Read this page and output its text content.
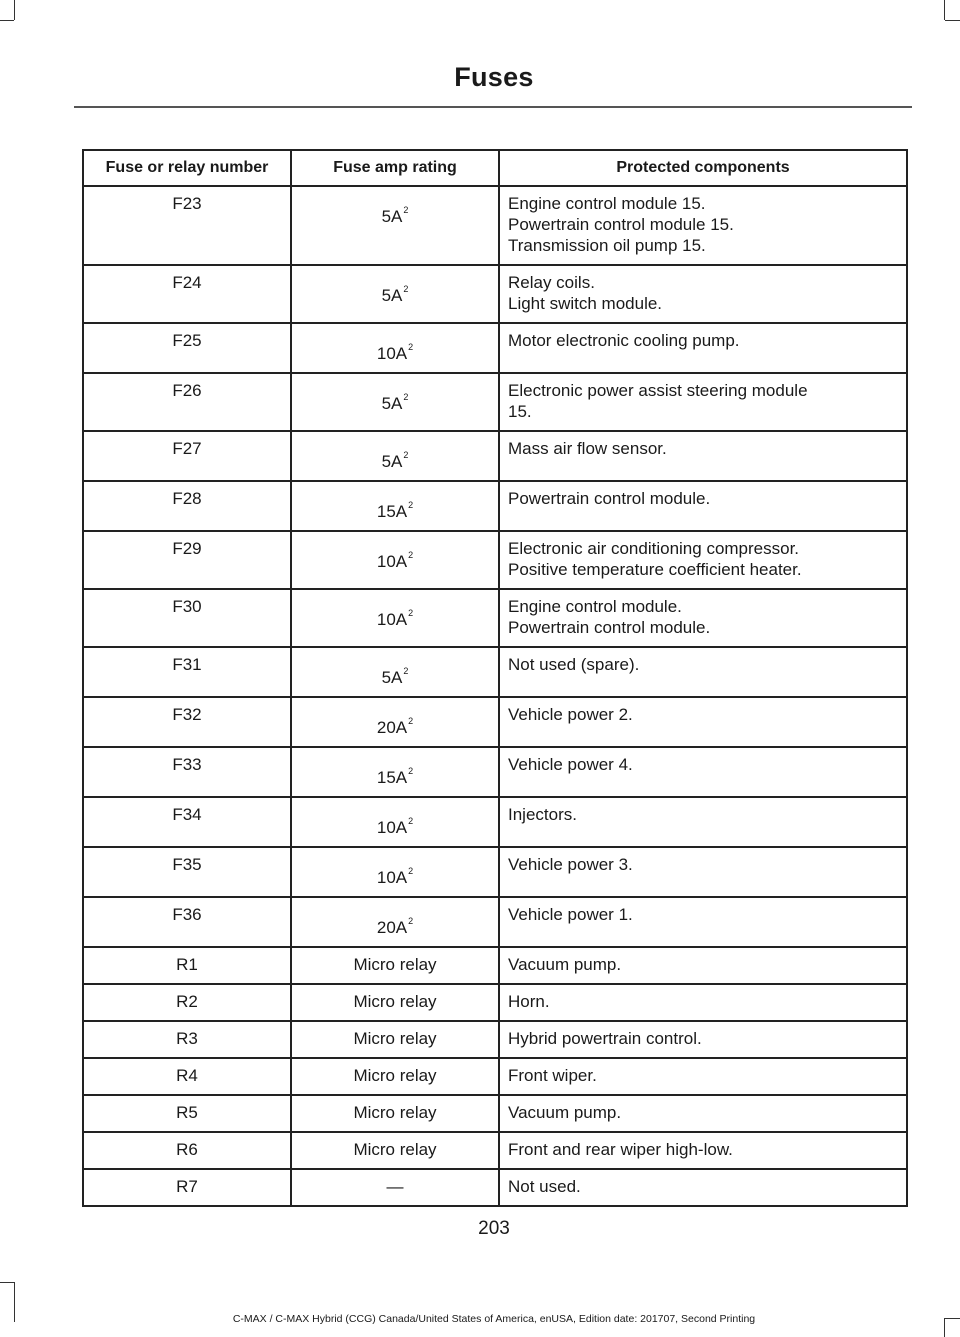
Fuses
Fuse or relay number	Fuse amp rating	Protected components
F23	$5A^2$	Engine control module 15.
Powertrain control module 15.
Transmission oil pump 15.

F24	$5A^2$	Relay coils.
Light switch module.

F25	$10A^2$	Motor electronic cooling pump.

F26	$5A^2$	Electronic power assist steering module
15.

F27	$5A^2$	Mass air flow sensor.

F28	$15A^2$	Powertrain control module.

F29	$10A^2$	Electronic air conditioning compressor.
Positive temperature coefficient heater.

F30	$10A^2$	Engine control module.
Powertrain control module.

F31	$5A^2$	Not used (spare).

F32	$20A^2$	Vehicle power 2.

F33	$15A^2$	Vehicle power 4.

F34	$10A^2$	Injectors.

F35	$10A^2$	Vehicle power 3.

F36	$20A^2$	Vehicle power 1.

R1	Micro relay	Vacuum pump.

R2	Micro relay	Horn.

R3	Micro relay	Hybrid powertrain control.

R4	Micro relay	Front wiper.

R5	Micro relay	Vacuum pump.

R6	Micro relay	Front and rear wiper high-low.

R7	—	Not used.
203
C-MAX / C-MAX Hybrid (CCG) Canada/United States of America, enUSA, Edition date: 201707, Second Printing
